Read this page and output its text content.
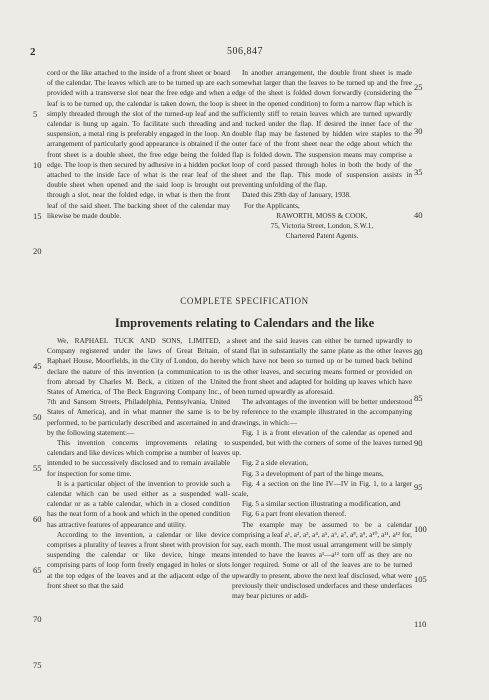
2	506,847

cord or the like attached to the inside of a front sheet or board of the calendar. The leaves which are to be turned up are each provided with a transverse slot near the free edge and when a leaf is to be turned up, the calendar is taken down, the loop is simply threaded through the slot of the turned-up leaf and the calendar is hung up again. To facilitate such threading and suspension, a metal ring is preferably engaged in the loop. An arrangement of particularly good appearance is obtained if the front sheet is a double sheet, the free edge being the folded edge. The loop is then secured by adhesive in a hidden pocket attached to the inside face of what is the rear leaf of the double sheet when opened and the said loop is brought out through a slot, near the folded edge, in what is then the front leaf of the said sheet. The backing sheet of the calendar may likewise be made double.

In another arrangement, the double front sheet is made somewhat larger than the leaves to be turned up and the free edge of the sheet is folded down forwardly (considering the sheet in the opened condition) to form a narrow flap which is sufficiently stiff to retain leaves which are turned upwardly and tucked under the flap. If desired the inner face of the double flap may be fastened by hidden wire staples to the outer face of the front sheet near the edge about which the flap is folded down. The suspension means may comprise a loop of cord passed through holes in both the body of the sheet and the flap. This mode of suspension assists in preventing unfolding of the flap.

Dated this 29th day of January, 1938.

For the Applicants,

RAWORTH, MOSS & COOK,

75, Victoria Street, London, S.W.1,

Chartered Patent Agents.

5
10
15
20
25
30
35
40
COMPLETE SPECIFICATION
Improvements relating to Calendars and the like

We, RAPHAEL TUCK AND SONS, LIMITED, a Company registered under the laws of Great Britain, of Raphael House, Moorfields, in the City of London, do hereby declare the nature of this invention (a communication to us from abroad by Charles M. Beck, a citizen of the United States of America, of The Beck Engraving Company Inc., of 7th and Sansom Streets, Philadelphia, Pennsylvania, United States of America), and in what manner the same is to be performed, to be particularly described and ascertained in and by the following statement:—

This invention concerns improvements relating to calendars and like devices which comprise a number of leaves intended to be successively disclosed and to remain available for inspection for some time.

It is a particular object of the invention to provide such a calendar which can be used either as a suspended wall-calendar or as a table calendar, which in a closed condition has the neat form of a book and which in the opened condition has attractive features of appearance and utility.

According to the invention, a calendar or like device comprises a plurality of leaves a front sheet with provision for suspending the calendar or like device, hinge means comprising parts of loop form freely engaged in holes or slots at the top edges of the leaves and at the adjacent edge of the front sheet so that the said

sheet and the said leaves can either be turned upwardly to stand flat in substantially the same plane as the other leaves which have not been so turned up or be turned back behind the other leaves, and securing means formed or provided on the front sheet and adapted for holding up leaves which have been turned upwardly as aforesaid.

The advantages of the invention will be better understood by reference to the example illustrated in the accompanying drawings, in which:—

Fig. 1 is a front elevation of the calendar as opened and suspended, but with the corners of some of the leaves turned up.

Fig. 2 a side elevation,

Fig. 3 a development of part of the hinge means,

Fig. 4 a section on the line IV—IV in Fig. 1, to a larger scale,

Fig. 5 a similar section illustrating a modification, and

Fig. 6 a part front elevation thereof.

The example may be assumed to be a calendar comprising a leaf a¹, a², a³, a⁴, a⁵, a⁶, a⁷, a⁸, a⁹, a¹⁰, a¹¹, a¹² for, say, each month. The most usual arrangement will be simply intended to have the leaves a¹—a¹² torn off as they are no longer required. Some or all of the leaves are to be turned upwardly to present, above the next leaf disclosed, what were previously their undisclosed underfaces and these underfaces may bear pictures or addi-

45
50
55
60
65
70
75
80
85
90
95
100
105
110
